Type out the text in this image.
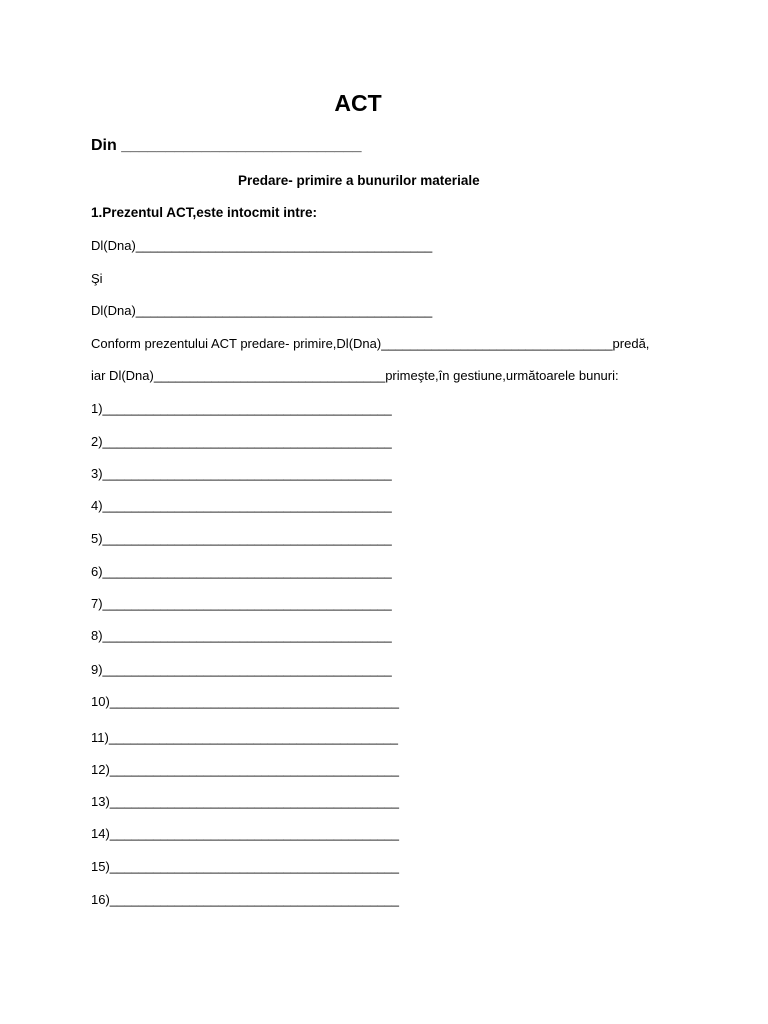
ACT
Din ___________________________
Predare- primire a bunurilor materiale
1.Prezentul ACT,este intocmit intre:
Dl(Dna)_________________________________________
Şi
Dl(Dna)_________________________________________
Conform prezentului ACT predare- primire,Dl(Dna)________________________________predă,
iar Dl(Dna)________________________________primeşte,în gestiune,următoarele bunuri:
1)________________________________________
2)________________________________________
3)________________________________________
4)________________________________________
5)________________________________________
6)________________________________________
7)________________________________________
8)________________________________________
9)________________________________________
10)________________________________________
11)________________________________________
12)________________________________________
13)________________________________________
14)________________________________________
15)________________________________________
16)________________________________________
